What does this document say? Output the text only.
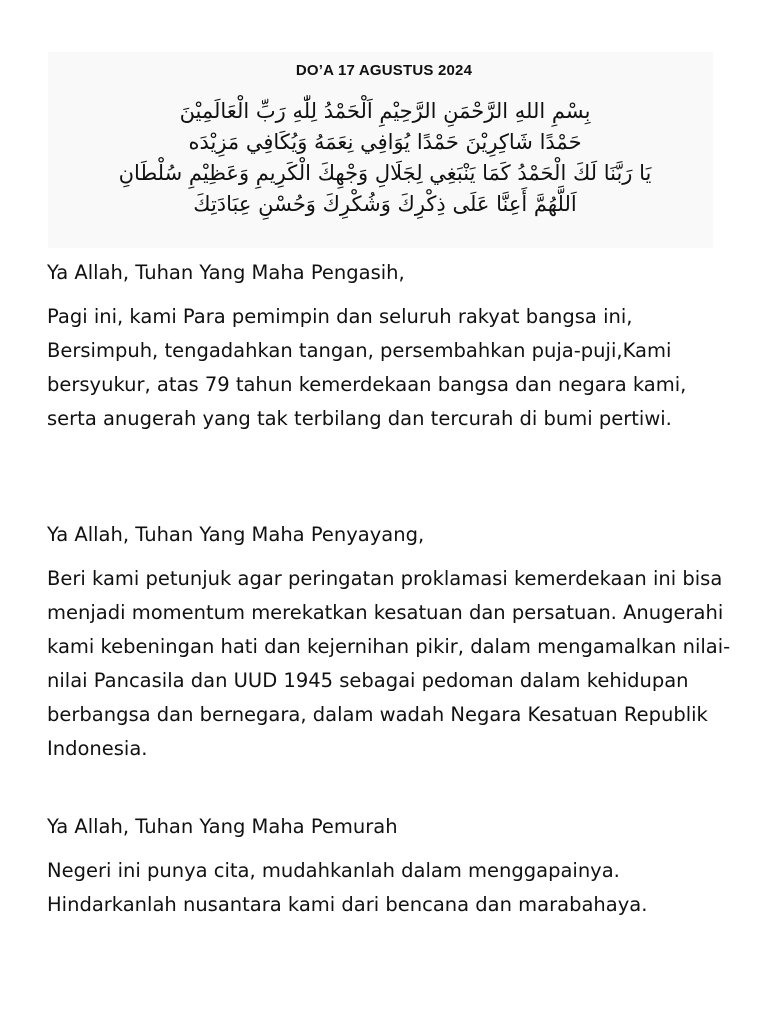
DO’A 17 AGUSTUS 2024
بِسْمِ اللهِ الرَّحْمَنِ الرَّحِيْمِ اَلْحَمْدُ لِلّٰهِ رَبِّ الْعَالَمِيْنَ
حَمْدًا شَاكِرِيْنَ حَمْدًا يُوَافِي نِعَمَهُ وَيُكَافِي مَزِيْدَه
يَا رَبَّنَا لَكَ الْحَمْدُ كَمَا يَنْبَغِي لِجَلَالِ وَجْهِكَ الْكَرِيمِ وَعَظِيْمِ سُلْطَانِ
اَللَّهُمَّ أَعِنَّا عَلَى ذِكْرِكَ وَشُكْرِكَ وَحُسْنِ عِبَادَتِكَ

Ya Allah, Tuhan Yang Maha Pengasih,

Pagi ini, kami Para pemimpin dan seluruh rakyat bangsa ini, Bersimpuh, tengadahkan tangan, persembahkan puja-puji,Kami bersyukur, atas 79 tahun kemerdekaan bangsa dan negara kami, serta anugerah yang tak terbilang dan tercurah di bumi pertiwi.

Ya Allah, Tuhan Yang Maha Penyayang,

Beri kami petunjuk agar peringatan proklamasi kemerdekaan ini bisa menjadi momentum merekatkan kesatuan dan persatuan. Anugerahi kami kebeningan hati dan kejernihan pikir, dalam mengamalkan nilai-nilai Pancasila dan UUD 1945 sebagai pedoman dalam kehidupan berbangsa dan bernegara, dalam wadah Negara Kesatuan Republik Indonesia.

Ya Allah, Tuhan Yang Maha Pemurah

Negeri ini punya cita, mudahkanlah dalam menggapainya. Hindarkanlah nusantara kami dari bencana dan marabahaya.
